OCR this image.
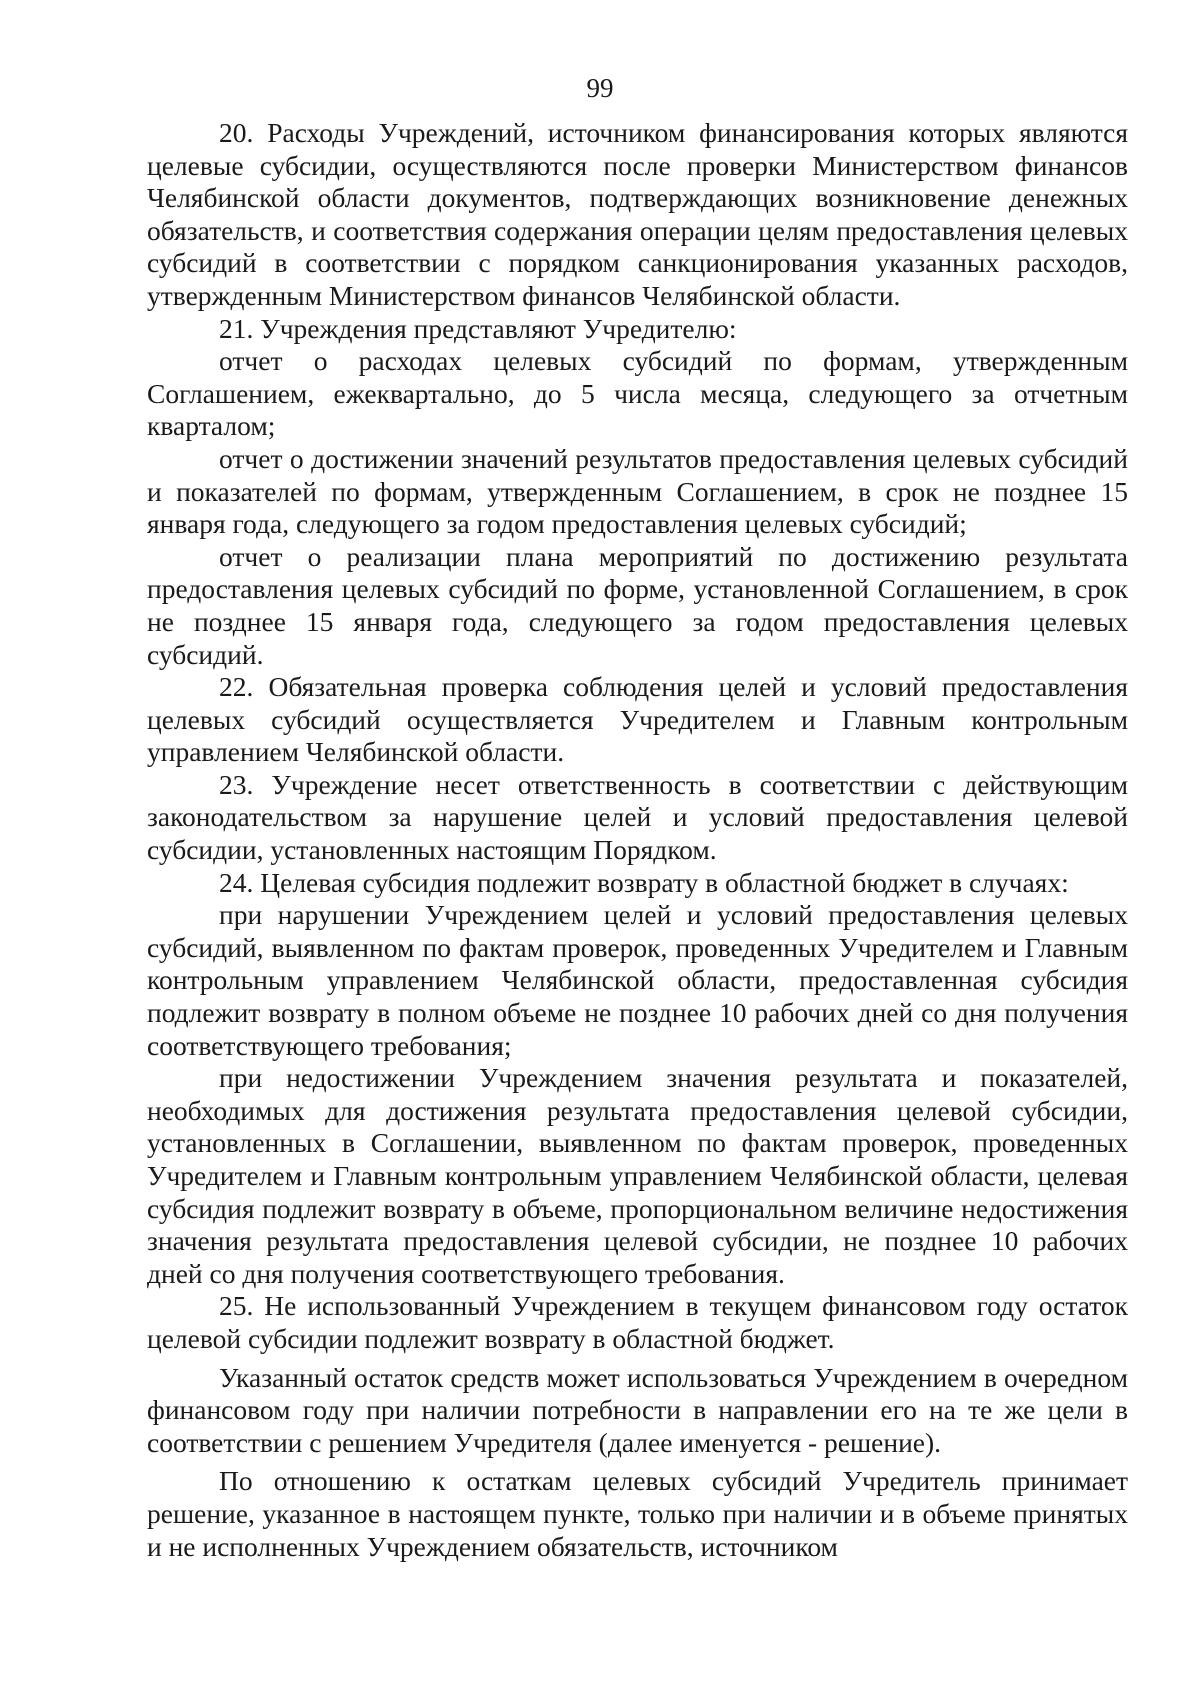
99

20. Расходы Учреждений, источником финансирования которых являются целевые субсидии, осуществляются после проверки Министерством финансов Челябинской области документов, подтверждающих возникновение денежных обязательств, и соответствия содержания операции целям предоставления целевых субсидий в соответствии с порядком санкционирования указанных расходов, утвержденным Министерством финансов Челябинской области.

21. Учреждения представляют Учредителю:

отчет о расходах целевых субсидий по формам, утвержденным Соглашением, ежеквартально, до 5 числа месяца, следующего за отчетным кварталом;

отчет о достижении значений результатов предоставления целевых субсидий и показателей по формам, утвержденным Соглашением, в срок не позднее 15 января года, следующего за годом предоставления целевых субсидий;

отчет о реализации плана мероприятий по достижению результата предоставления целевых субсидий по форме, установленной Соглашением, в срок не позднее 15 января года, следующего за годом предоставления целевых субсидий.

22. Обязательная проверка соблюдения целей и условий предоставления целевых субсидий осуществляется Учредителем и Главным контрольным управлением Челябинской области.

23. Учреждение несет ответственность в соответствии с действующим законодательством за нарушение целей и условий предоставления целевой субсидии, установленных настоящим Порядком.

24. Целевая субсидия подлежит возврату в областной бюджет в случаях:

при нарушении Учреждением целей и условий предоставления целевых субсидий, выявленном по фактам проверок, проведенных Учредителем и Главным контрольным управлением Челябинской области, предоставленная субсидия подлежит возврату в полном объеме не позднее 10 рабочих дней со дня получения соответствующего требования;

при недостижении Учреждением значения результата и показателей, необходимых для достижения результата предоставления целевой субсидии, установленных в Соглашении, выявленном по фактам проверок, проведенных Учредителем и Главным контрольным управлением Челябинской области, целевая субсидия подлежит возврату в объеме, пропорциональном величине недостижения значения результата предоставления целевой субсидии, не позднее 10 рабочих дней со дня получения соответствующего требования.

25. Не использованный Учреждением в текущем финансовом году остаток целевой субсидии подлежит возврату в областной бюджет.

Указанный остаток средств может использоваться Учреждением в очередном финансовом году при наличии потребности в направлении его на те же цели в соответствии с решением Учредителя (далее именуется - решение).

По отношению к остаткам целевых субсидий Учредитель принимает решение, указанное в настоящем пункте, только при наличии и в объеме принятых и не исполненных Учреждением обязательств, источником
